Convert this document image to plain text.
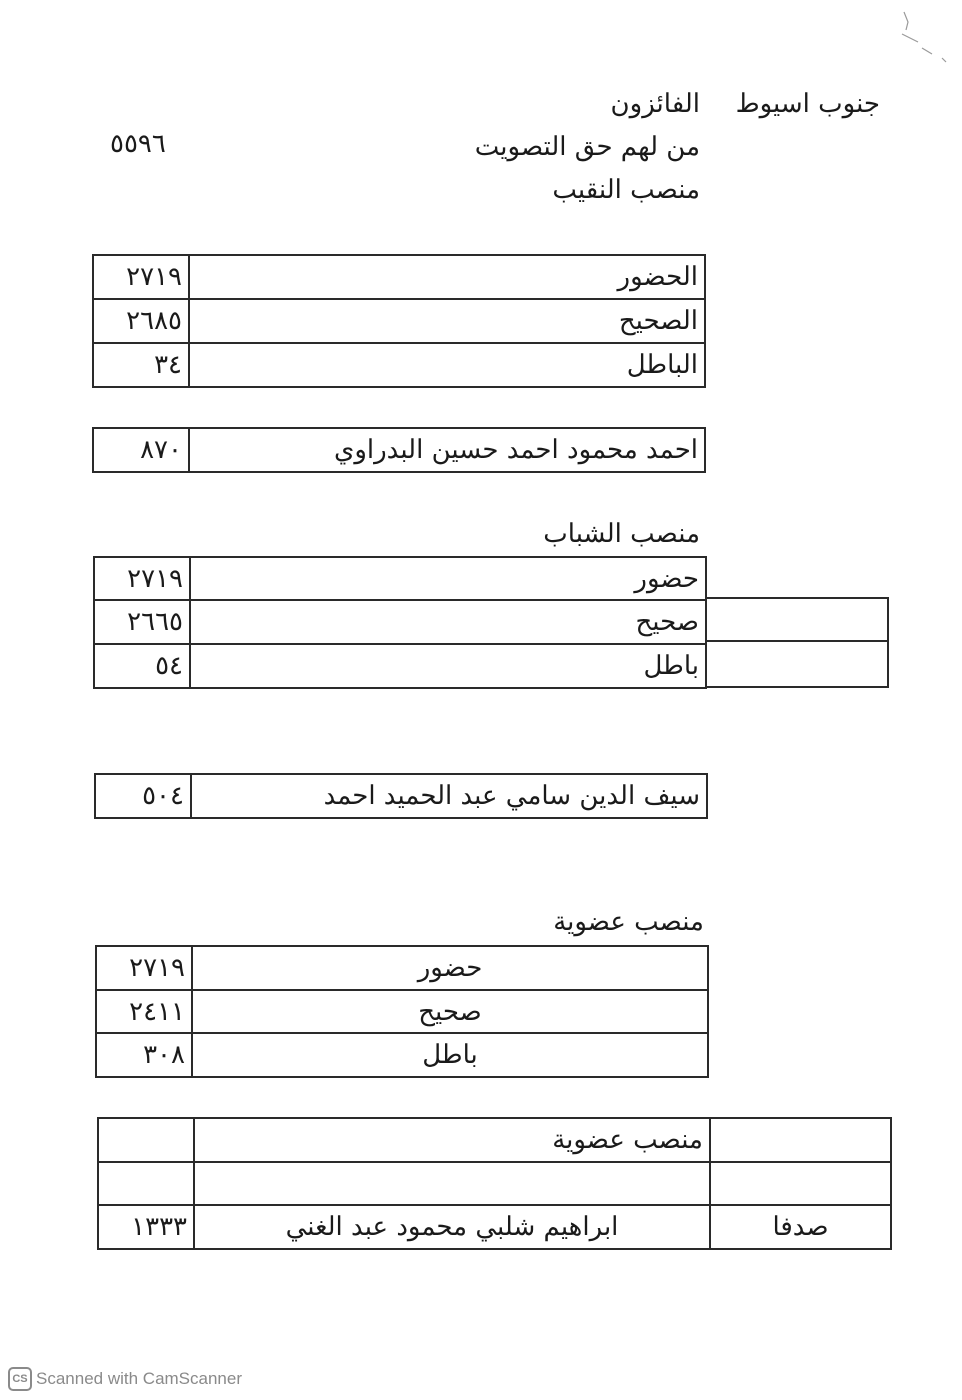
جنوب اسيوط
الفائزون
من لهم حق التصويت
٥٥٩٦
منصب النقيب
٢٧١٩	الحضور
٢٦٨٥	الصحيح
٣٤	الباطل
٨٧٠	احمد محمود احمد حسين البدراوي
منصب الشباب
٢٧١٩	حضور
٢٦٦٥	صحيح
٥٤	باطل
٥٠٤	سيف الدين سامي عبد الحميد احمد
منصب عضوية
٢٧١٩	حضور
٢٤١١	صحيح
٣٠٨	باطل
	منصب عضوية	

١٣٣٣	ابراهيم شلبي محمود عبد الغني	صدفا
CS Scanned with CamScanner
